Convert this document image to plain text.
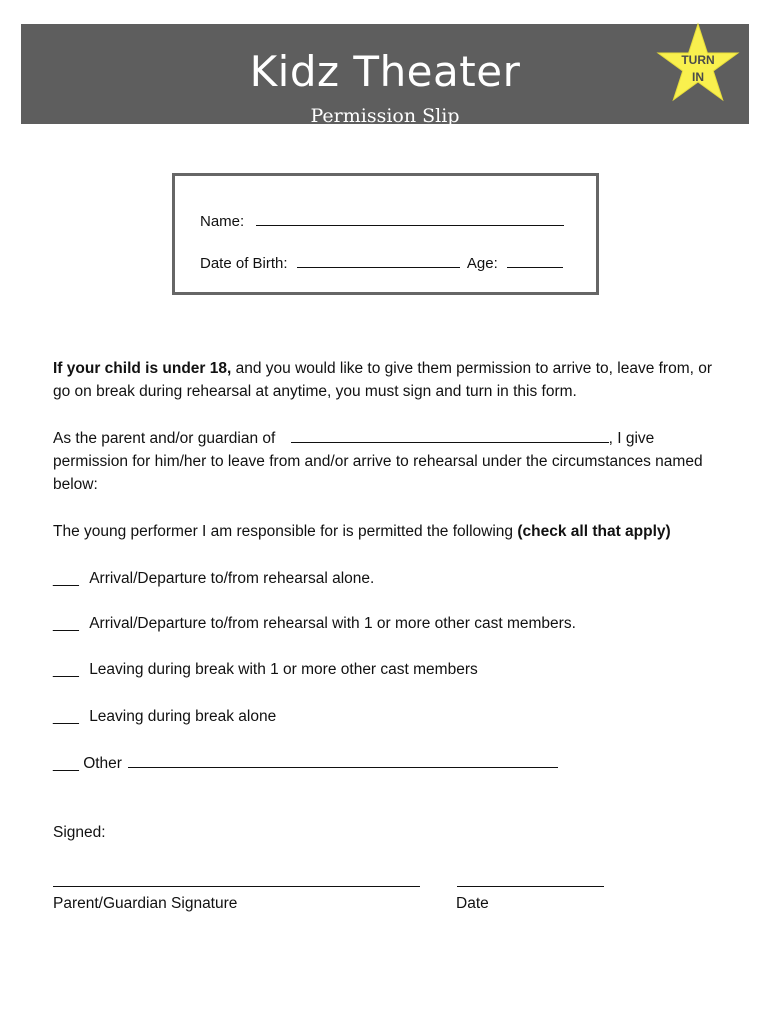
Kidz Theater
Permission Slip
TURN
IN
Name:
Date of Birth:	Age:
If your child is under 18, and you would like to give them permission to arrive to, leave from, or go on break during rehearsal at anytime, you must sign and turn in this form.
As the parent and/or guardian of	, I give
permission for him/her to leave from and/or arrive to rehearsal under the circumstances named below:
The young performer I am responsible for is permitted the following (check all that apply)
___ Arrival/Departure to/from rehearsal alone.
___ Arrival/Departure to/from rehearsal with 1 or more other cast members.
___ Leaving during break with 1 or more other cast members
___ Leaving during break alone
___ Other
Signed:
Parent/Guardian Signature	Date
